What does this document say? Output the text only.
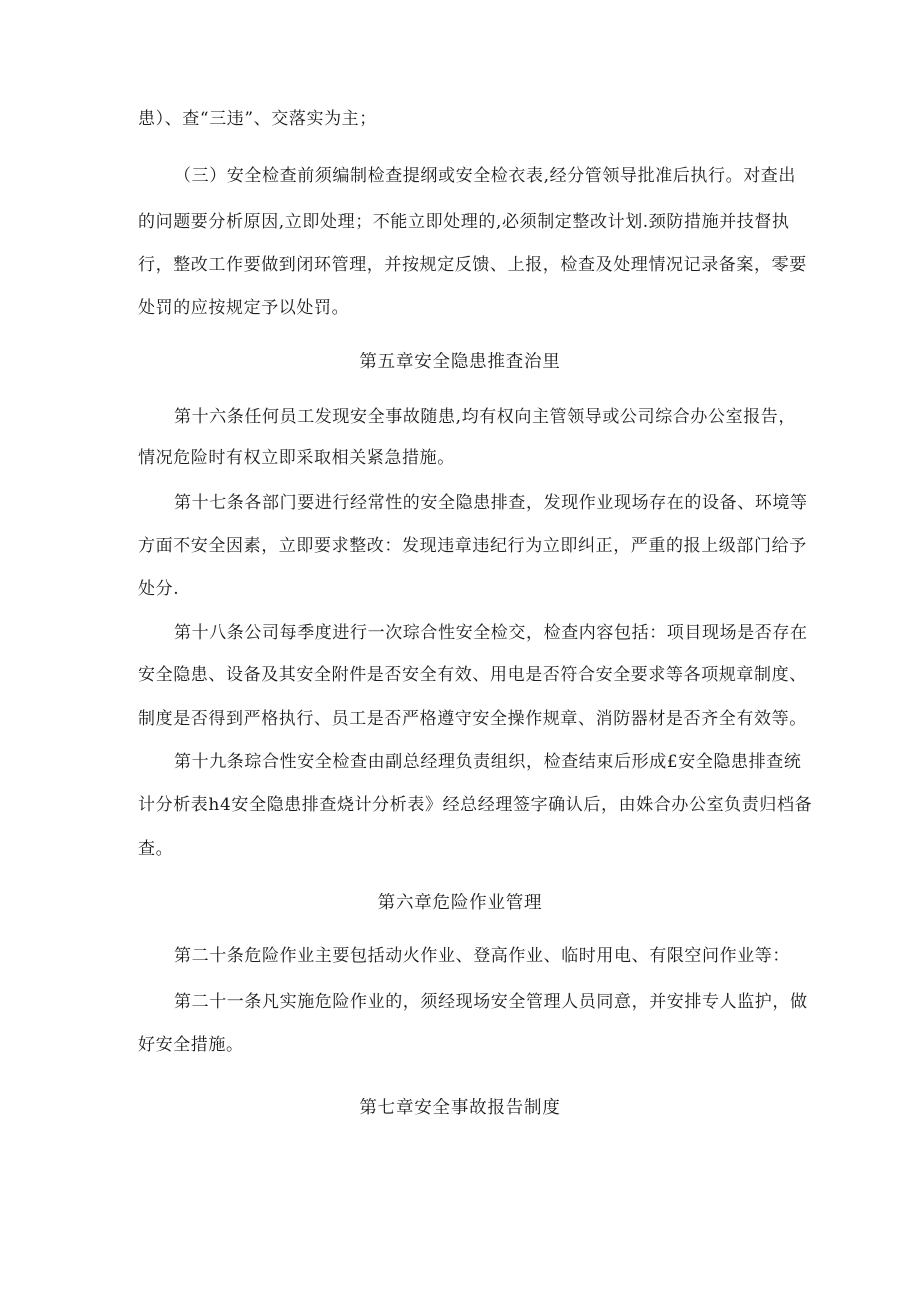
患）、查“三违”、交落实为主；
（三）安全检查前须编制检查提纲或安全检衣表,经分管领导批准后执行。对查出
的问题要分析原因,立即处理；不能立即处理的,必须制定整改计划.颈防措施并技督执
行，整改工作要做到闭环管理，并按规定反馈、上报，检查及处理情况记录备案，零要
处罚的应按规定予以处罚。
第五章安全隐患推査治里
第十六条任何员工发现安全事故随患,均有权向主管领导或公司综合办公室报告，
情况危险时有权立即采取相关紧急措施。
第十七条各部门要进行经常性的安全隐患排查，发现作业现场存在的设备、环境等
方面不安全因素，立即要求整改：发现违章违纪行为立即纠正，严重的报上级部门给予
处分.
第十八条公司每季度进行一次琮合性安全检交，检查内容包括：项目现场是否存在
安全隐患、设备及其安全附件是否安全有效、用电是否符合安全要求等各项规章制度、
制度是否得到严格执行、员工是否严格遵守安全操作规章、消防器材是否齐全有效等。
第十九条琮合性安全检查由副总经理负责组织，检查结束后形成£安全隐患排查统
计分析表h4安全隐患排查烧计分析表》经总经理签字确认后，由姝合办公室负责归档备
查。
第六章危险作业管理
第二十条危险作业主要包括动火作业、登高作业、临时用电、有限空问作业等：
第二十一条凡实施危险作业的，须经现场安全管理人员同意，并安排专人监护，做
好安全措施。
第七章安全事故报告制度
